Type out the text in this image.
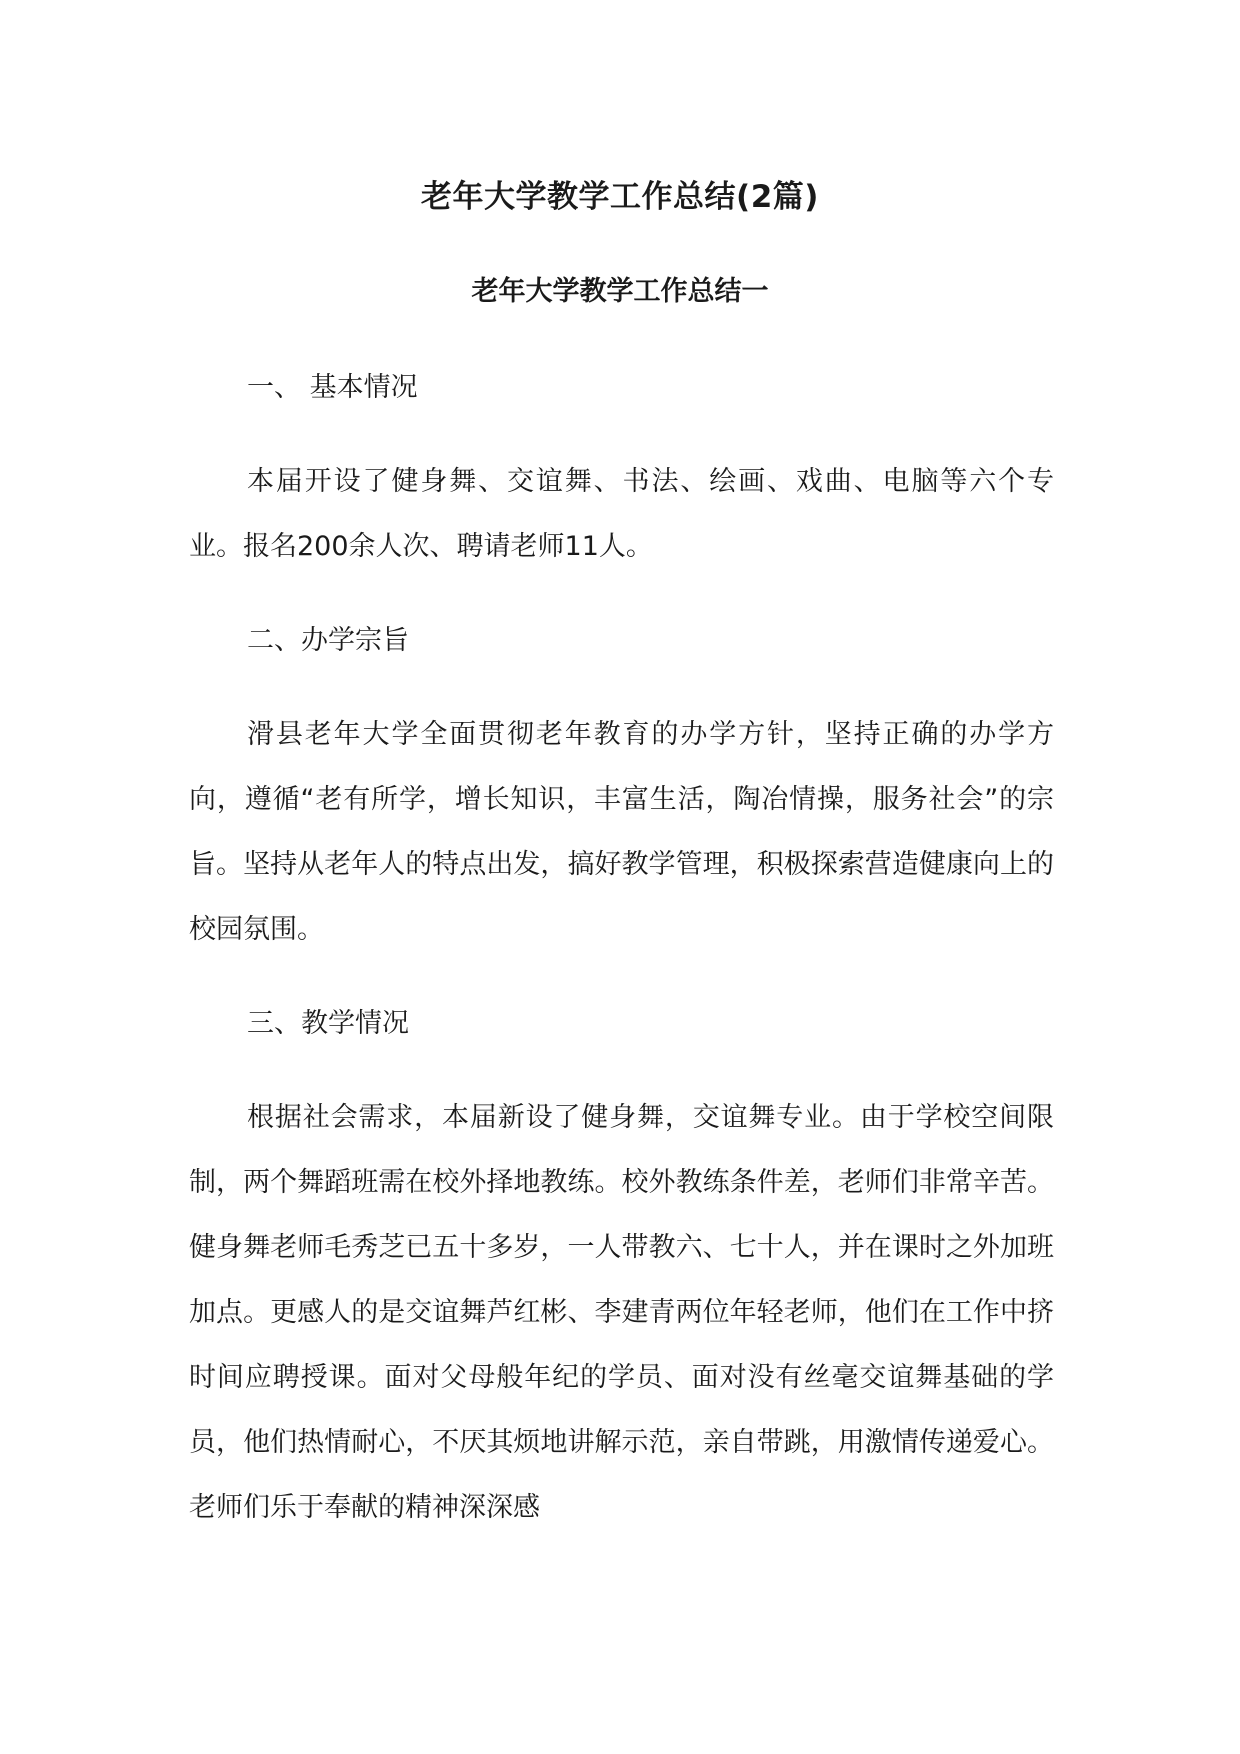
老年大学教学工作总结(2篇)
老年大学教学工作总结一
一、 基本情况

本届开设了健身舞、交谊舞、书法、绘画、戏曲、电脑等六个专业。报名200余人次、聘请老师11人。

二、办学宗旨

滑县老年大学全面贯彻老年教育的办学方针，坚持正确的办学方向，遵循“老有所学，增长知识，丰富生活，陶冶情操，服务社会”的宗旨。坚持从老年人的特点出发，搞好教学管理，积极探索营造健康向上的校园氛围。

三、教学情况

根据社会需求，本届新设了健身舞，交谊舞专业。由于学校空间限制，两个舞蹈班需在校外择地教练。校外教练条件差，老师们非常辛苦。健身舞老师毛秀芝已五十多岁，一人带教六、七十人，并在课时之外加班加点。更感人的是交谊舞芦红彬、李建青两位年轻老师，他们在工作中挤时间应聘授课。面对父母般年纪的学员、面对没有丝毫交谊舞基础的学员，他们热情耐心，不厌其烦地讲解示范，亲自带跳，用激情传递爱心。老师们乐于奉献的精神深深感
